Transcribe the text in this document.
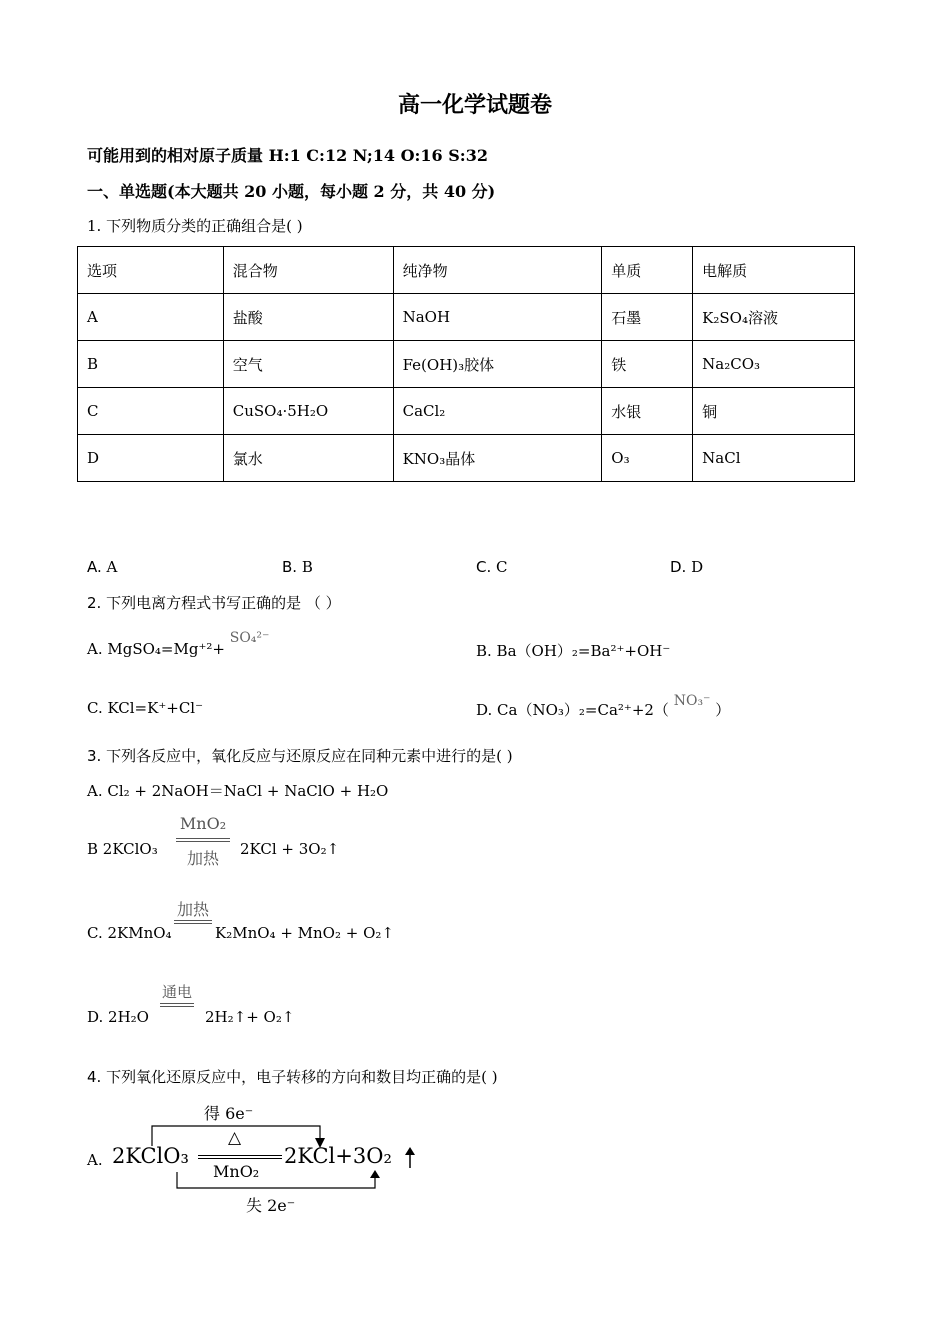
高一化学试题卷
可能用到的相对原子质量 H:1 C:12 N;14 O:16 S:32
一、单选题(本大题共 20 小题，每小题 2 分，共 40 分)
1. 下列物质分类的正确组合是( )
选项	混合物	纯净物	单质	电解质
A	盐酸	NaOH	石墨	K₂SO₄溶液
B	空气	Fe(OH)₃胶体	铁	Na₂CO₃
C	CuSO₄·5H₂O	CaCl₂	水银	铜
D	氯水	KNO₃晶体	O₃	NaCl
A. A	B. B	C. C	D. D
2. 下列电离方程式书写正确的是 （ ）
A. MgSO₄=Mg⁺²+ SO₄²⁻
B. Ba（OH）₂=Ba²⁺+OH⁻
C. KCl=K⁺+Cl⁻	D. Ca（NO₃）₂=Ca²⁺+2（ NO₃⁻ ）
3. 下列各反应中，氧化反应与还原反应在同种元素中进行的是( )
A. Cl₂ + 2NaOH＝NaCl + NaClO + H₂O
B 2KClO₃
MnO₂
加热	2KCl + 3O₂↑
C. 2KMnO₄
加热
K₂MnO₄ + MnO₂ + O₂↑
D. 2H₂O
通电
2H₂↑+ O₂↑
4. 下列氧化还原反应中，电子转移的方向和数目均正确的是( )
A.
得 6e⁻
△
2KClO₃
MnO₂
2KCl+3O₂
失 2e⁻
